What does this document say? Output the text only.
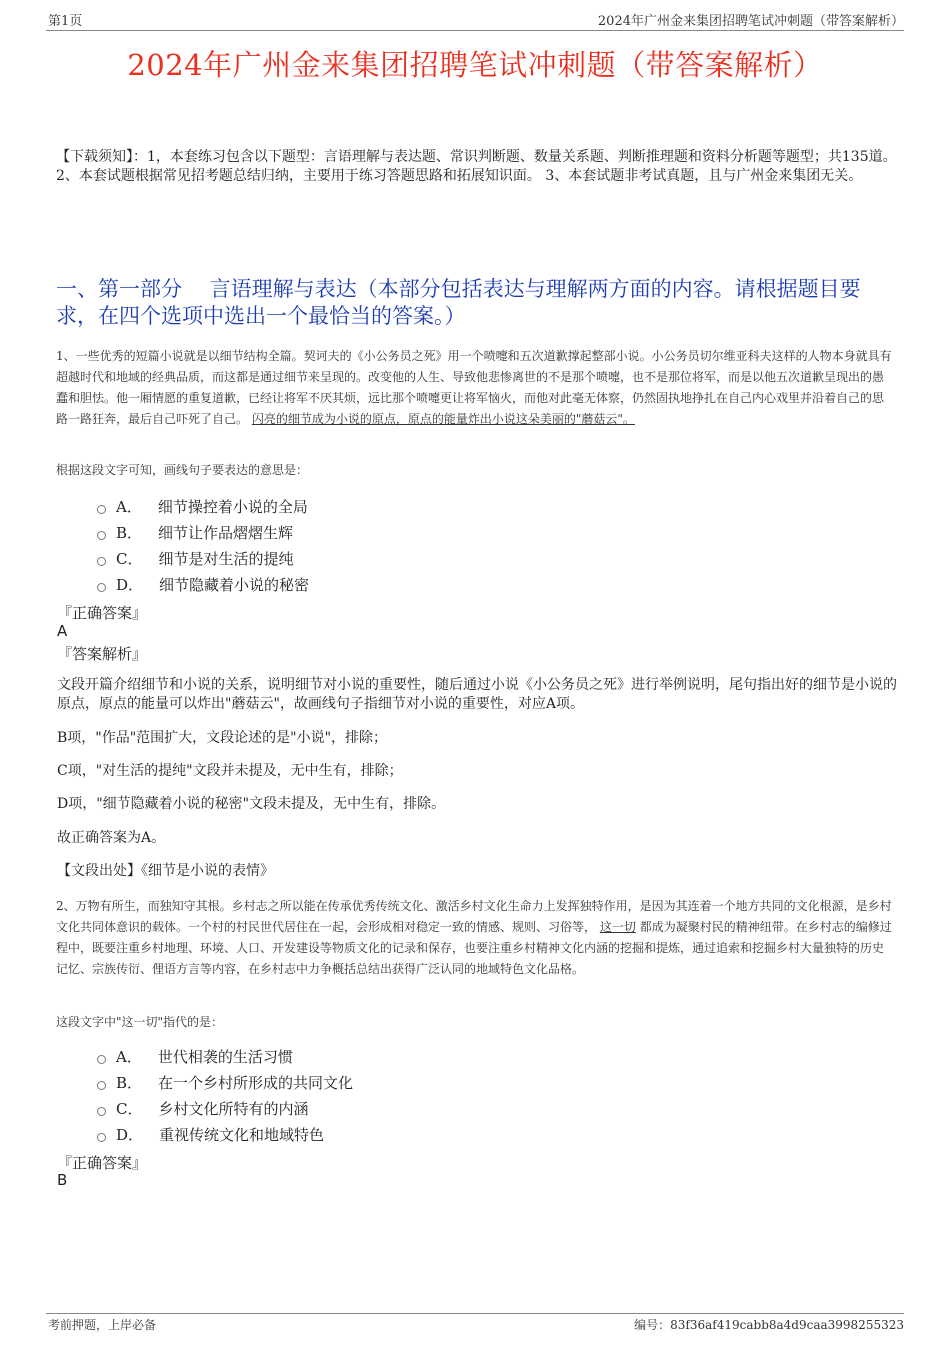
第1页	2024年广州金来集团招聘笔试冲刺题（带答案解析）
2024年广州金来集团招聘笔试冲刺题（带答案解析）
【下载须知】：1，本套练习包含以下题型：言语理解与表达题、常识判断题、数量关系题、判断推理题和资料分析题等题型；共135道。 2、本套试题根据常见招考题总结归纳，主要用于练习答题思路和拓展知识面。 3、本套试题非考试真题，且与广州金来集团无关。
一、第一部分　 言语理解与表达（本部分包括表达与理解两方面的内容。请根据题目要求，在四个选项中选出一个最恰当的答案。）
1、一些优秀的短篇小说就是以细节结构全篇。契诃夫的《小公务员之死》用一个喷嚏和五次道歉撑起整部小说。小公务员切尔维亚科夫这样的人物本身就具有超越时代和地域的经典品质，而这都是通过细节来呈现的。改变他的人生、导致他悲惨离世的不是那个喷嚏，也不是那位将军，而是以他五次道歉呈现出的愚蠢和胆怯。他一厢情愿的重复道歉，已经让将军不厌其烦，远比那个喷嚏更让将军恼火，而他对此毫无体察，仍然固执地挣扎在自己内心戏里并沿着自己的思路一路狂奔，最后自己吓死了自己。 闪亮的细节成为小说的原点，原点的能量炸出小说这朵美丽的"蘑菇云"。
根据这段文字可知，画线句子要表达的意思是：
A． 细节操控着小说的全局
B． 细节让作品熠熠生辉
C． 细节是对生活的提纯
D． 细节隐藏着小说的秘密
『正确答案』
A
『答案解析』
文段开篇介绍细节和小说的关系，说明细节对小说的重要性，随后通过小说《小公务员之死》进行举例说明，尾句指出好的细节是小说的原点，原点的能量可以炸出"蘑菇云"，故画线句子指细节对小说的重要性，对应A项。
B项，"作品"范围扩大，文段论述的是"小说"，排除；
C项，"对生活的提纯"文段并未提及，无中生有，排除；
D项，"细节隐藏着小说的秘密"文段未提及，无中生有，排除。
故正确答案为A。
【文段出处】《细节是小说的表情》
2、万物有所生，而独知守其根。乡村志之所以能在传承优秀传统文化、激活乡村文化生命力上发挥独特作用，是因为其连着一个地方共同的文化根源，是乡村文化共同体意识的载体。一个村的村民世代居住在一起，会形成相对稳定一致的情感、规则、习俗等， 这一切 都成为凝聚村民的精神纽带。在乡村志的编修过程中，既要注重乡村地理、环境、人口、开发建设等物质文化的记录和保存，也要注重乡村精神文化内涵的挖掘和提炼，通过追索和挖掘乡村大量独特的历史记忆、宗族传衍、俚语方言等内容，在乡村志中力争概括总结出获得广泛认同的地域特色文化品格。
这段文字中"这一切"指代的是：
A． 世代相袭的生活习惯
B． 在一个乡村所形成的共同文化
C． 乡村文化所特有的内涵
D． 重视传统文化和地域特色
『正确答案』
B
考前押题，上岸必备	编号：83f36af419cabb8a4d9caa3998255323
